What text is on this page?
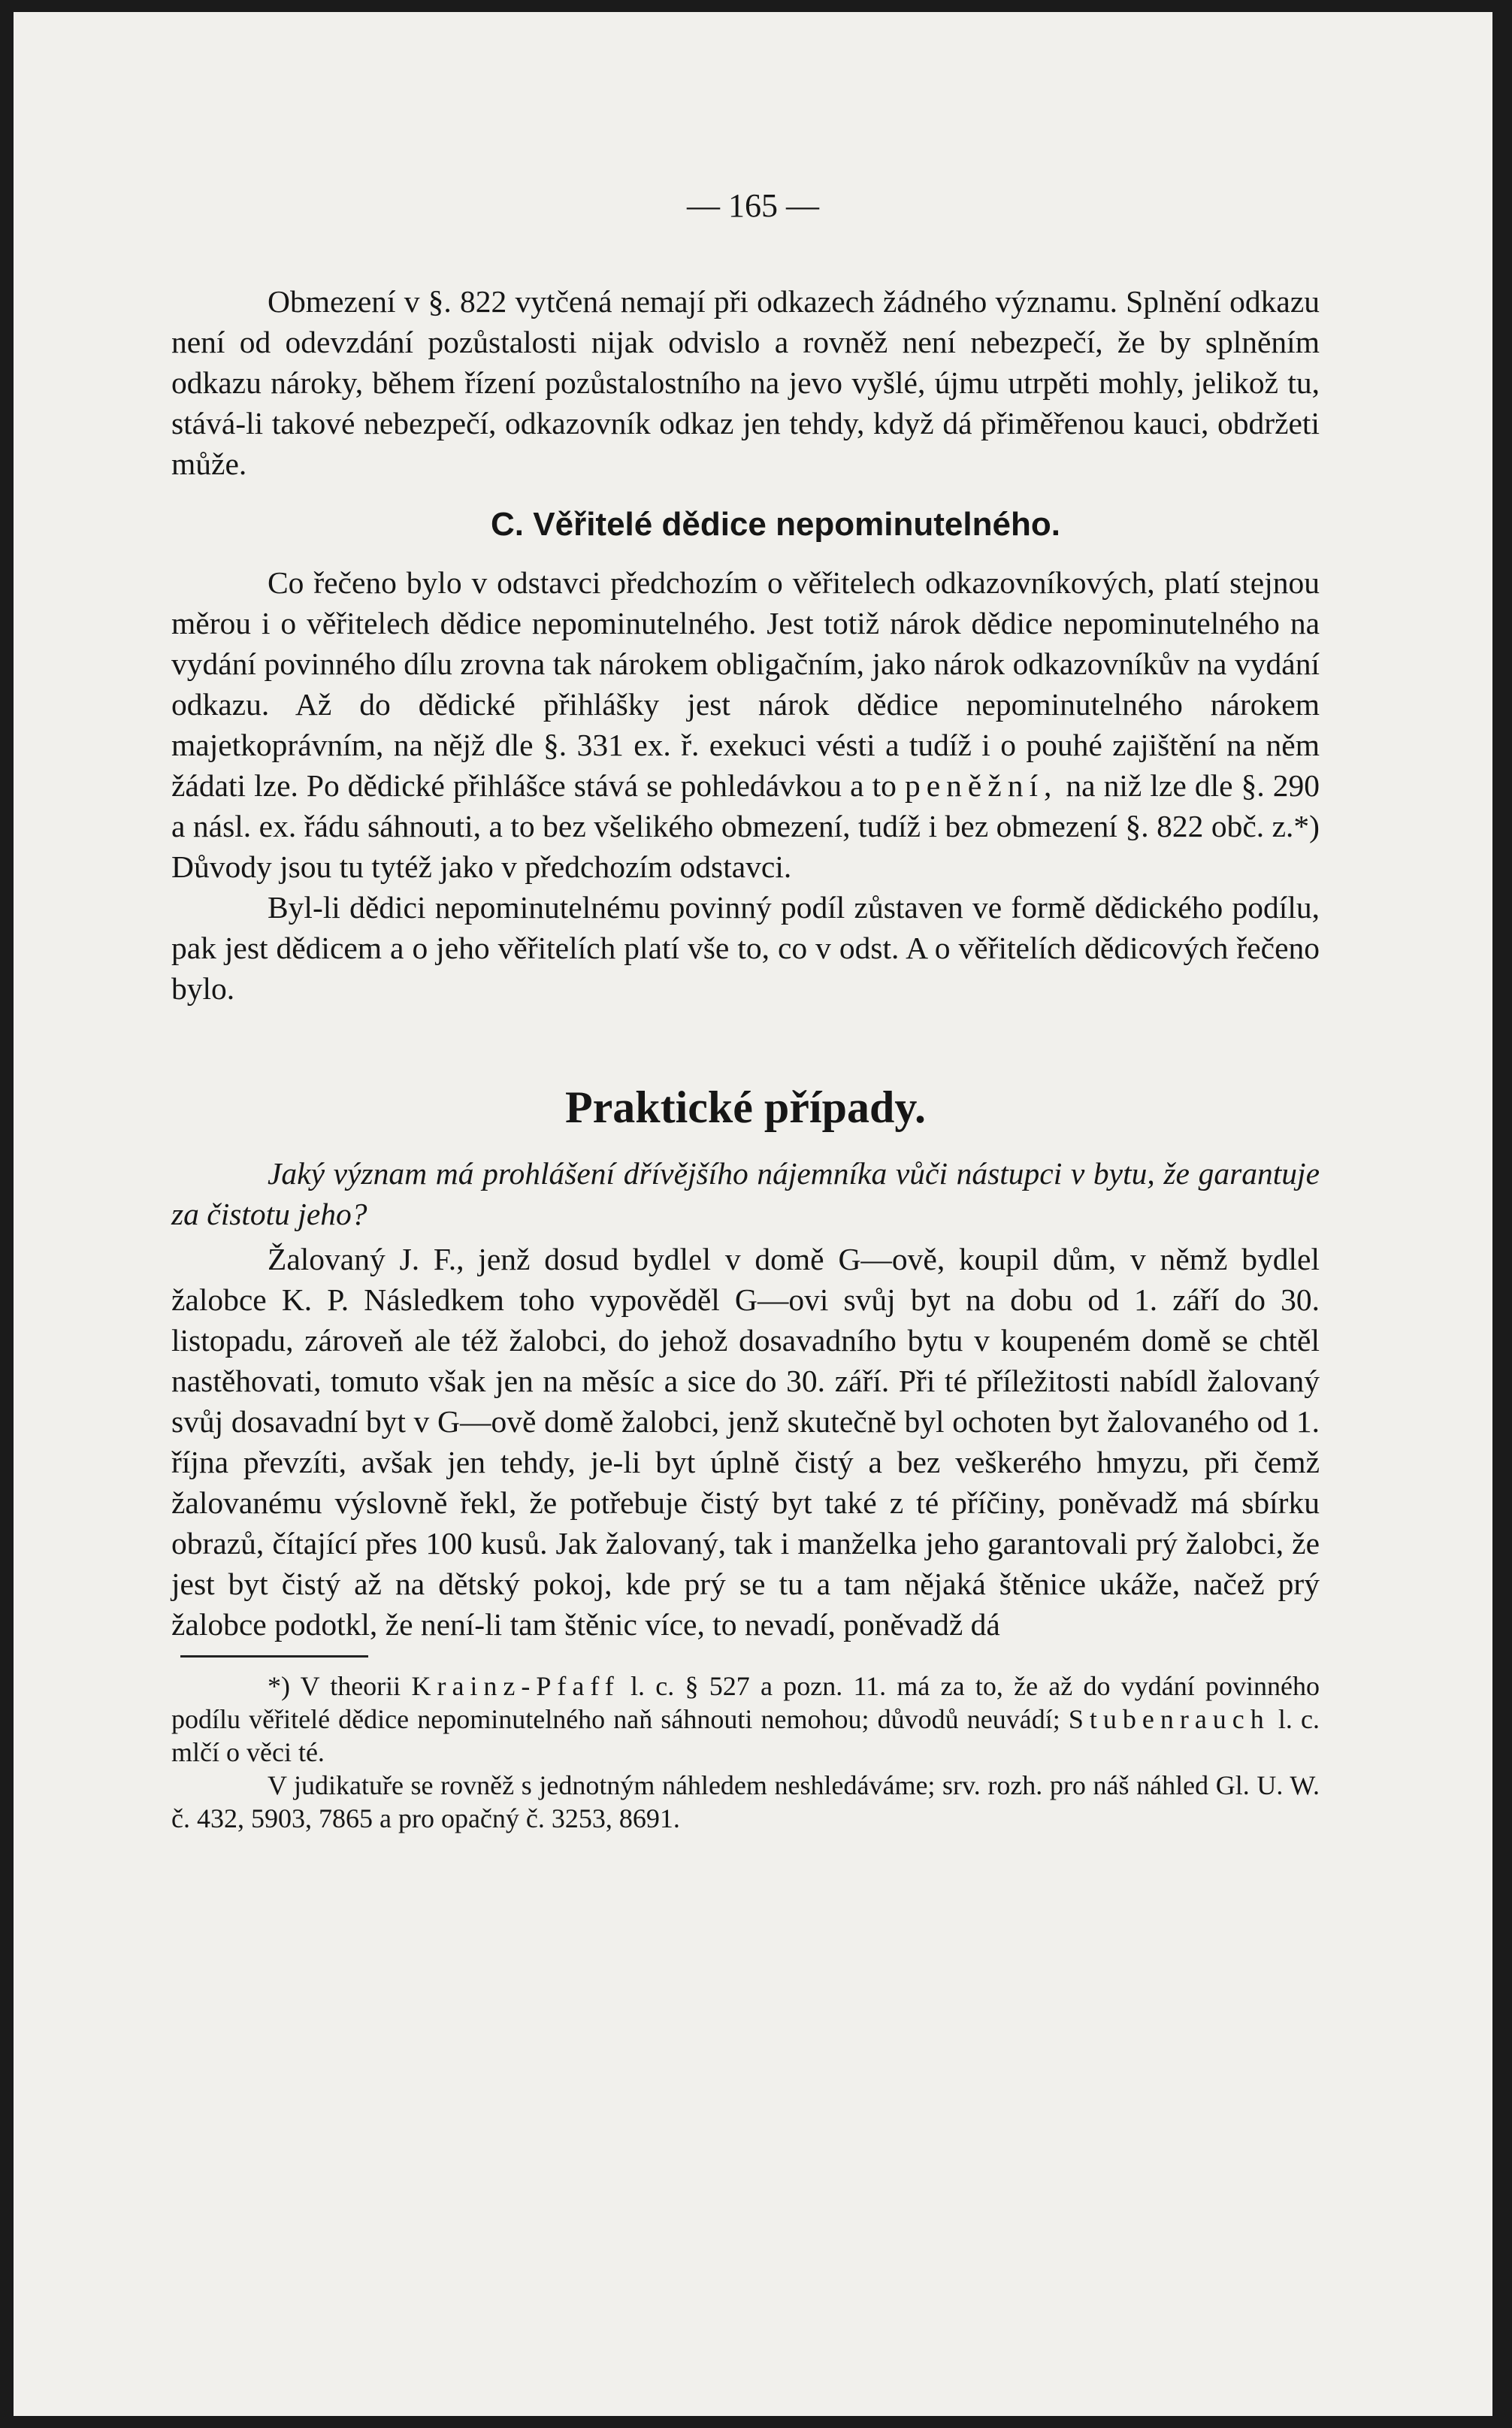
— 165 —

Obmezení v §. 822 vytčená nemají při odkazech žádného významu. Splnění odkazu není od odevzdání pozůstalosti nijak odvislo a rovněž není nebezpečí, že by splněním odkazu nároky, během řízení pozůstalostního na jevo vyšlé, újmu utrpěti mohly, jelikož tu, stává-li takové nebezpečí, odkazovník odkaz jen tehdy, když dá přiměřenou kauci, obdržeti může.

C. Věřitelé dědice nepominutelného.

Co řečeno bylo v odstavci předchozím o věřitelech odkazovníkových, platí stejnou měrou i o věřitelech dědice nepominutelného. Jest totiž nárok dědice nepominutelného na vydání povinného dílu zrovna tak nárokem obligačním, jako nárok odkazovníkův na vydání odkazu. Až do dědické přihlášky jest nárok dědice nepominutelného nárokem majetkoprávním, na nějž dle §. 331 ex. ř. exekuci vésti a tudíž i o pouhé zajištění na něm žádati lze. Po dědické přihlášce stává se pohledávkou a to peněžní, na niž lze dle §. 290 a násl. ex. řádu sáhnouti, a to bez všelikého obmezení, tudíž i bez obmezení §. 822 obč. z.*) Důvody jsou tu tytéž jako v předchozím odstavci.

Byl-li dědici nepominutelnému povinný podíl zůstaven ve formě dědického podílu, pak jest dědicem a o jeho věřitelích platí vše to, co v odst. A o věřitelích dědicových řečeno bylo.

Praktické případy.

Jaký význam má prohlášení dřívějšího nájemníka vůči nástupci v bytu, že garantuje za čistotu jeho?

Žalovaný J. F., jenž dosud bydlel v domě G—ově, koupil dům, v němž bydlel žalobce K. P. Následkem toho vypověděl G—ovi svůj byt na dobu od 1. září do 30. listopadu, zároveň ale též žalobci, do jehož dosavadního bytu v koupeném domě se chtěl nastěhovati, tomuto však jen na měsíc a sice do 30. září. Při té příležitosti nabídl žalovaný svůj dosavadní byt v G—ově domě žalobci, jenž skutečně byl ochoten byt žalovaného od 1. října převzíti, avšak jen tehdy, je-li byt úplně čistý a bez veškerého hmyzu, při čemž žalovanému výslovně řekl, že potřebuje čistý byt také z té příčiny, poněvadž má sbírku obrazů, čítající přes 100 kusů. Jak žalovaný, tak i manželka jeho garantovali prý žalobci, že jest byt čistý až na dětský pokoj, kde prý se tu a tam nějaká štěnice ukáže, načež prý žalobce podotkl, že není-li tam štěnic více, to nevadí, poněvadž dá

*) V theorii Krainz-Pfaff l. c. § 527 a pozn. 11. má za to, že až do vydání povinného podílu věřitelé dědice nepominutelného naň sáhnouti nemohou; důvodů neuvádí; Stubenrauch l. c. mlčí o věci té.

V judikatuře se rovněž s jednotným náhledem neshledáváme; srv. rozh. pro náš náhled Gl. U. W. č. 432, 5903, 7865 a pro opačný č. 3253, 8691.
